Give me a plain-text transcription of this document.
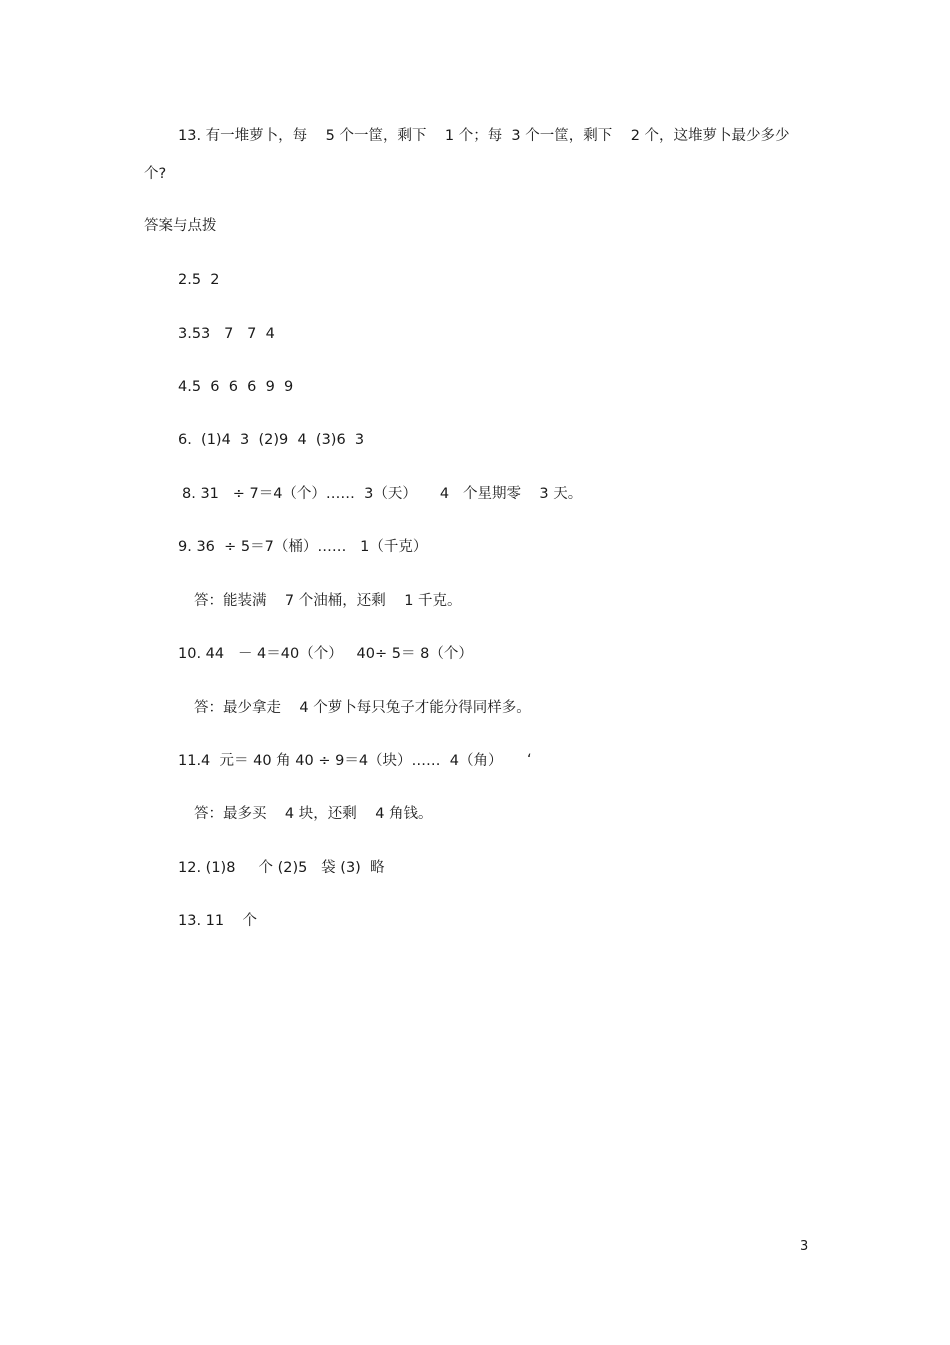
13. 有一堆萝卜，每    5 个一筐，剩下    1 个；每  3 个一筐，剩下    2 个，这堆萝卜最少多少
个?
答案与点拨
2.5  2
3.53   7   7  4
4.5  6  6  6  9  9
6.  (1)4  3  (2)9  4  (3)6  3
8. 31   ÷ 7＝4（个）……  3（天）     4   个星期零    3 天。
9. 36  ÷ 5＝7（桶）……   1（千克）
答：能装满    7 个油桶，还剩    1 千克。
10. 44   － 4＝40（个）   40÷ 5＝ 8（个）
答：最少拿走    4 个萝卜每只兔子才能分得同样多。
11.4  元＝ 40 角 40 ÷ 9＝4（块）……  4（角） ‘
答：最多买    4 块，还剩    4 角钱。
12. (1)8     个 (2)5   袋 (3)  略
13. 11    个
3
